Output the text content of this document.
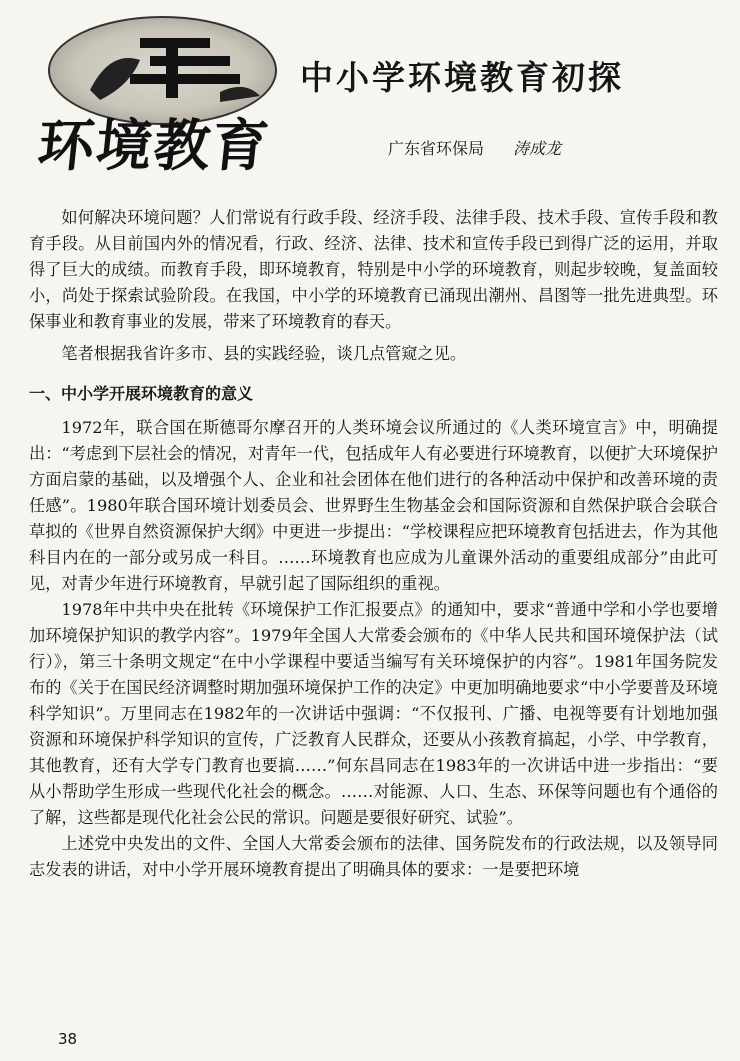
环境教育
中小学环境教育初探
广东省环保局 涛成龙

如何解决环境问题？人们常说有行政手段、经济手段、法律手段、技术手段、宣传手段和教育手段。从目前国内外的情况看，行政、经济、法律、技术和宣传手段已到得广泛的运用，并取得了巨大的成绩。而教育手段，即环境教育，特别是中小学的环境教育，则起步较晚，复盖面较小，尚处于探索试验阶段。在我国，中小学的环境教育已涌现出潮州、昌图等一批先进典型。环保事业和教育事业的发展，带来了环境教育的春天。

笔者根据我省许多市、县的实践经验，谈几点管窥之见。

一、中小学开展环境教育的意义

1972年，联合国在斯德哥尔摩召开的人类环境会议所通过的《人类环境宣言》中，明确提出：“考虑到下层社会的情况，对青年一代，包括成年人有必要进行环境教育，以便扩大环境保护方面启蒙的基础，以及增强个人、企业和社会团体在他们进行的各种活动中保护和改善环境的责任感”。1980年联合国环境计划委员会、世界野生生物基金会和国际资源和自然保护联合会联合草拟的《世界自然资源保护大纲》中更进一步提出：“学校课程应把环境教育包括进去，作为其他科目内在的一部分或另成一科目。……环境教育也应成为儿童课外活动的重要组成部分”由此可见，对青少年进行环境教育，早就引起了国际组织的重视。

1978年中共中央在批转《环境保护工作汇报要点》的通知中，要求“普通中学和小学也要增加环境保护知识的教学内容”。1979年全国人大常委会颁布的《中华人民共和国环境保护法（试行）》，第三十条明文规定“在中小学课程中要适当编写有关环境保护的内容”。1981年国务院发布的《关于在国民经济调整时期加强环境保护工作的决定》中更加明确地要求“中小学要普及环境科学知识”。万里同志在1982年的一次讲话中强调：“不仅报刊、广播、电视等要有计划地加强资源和环境保护科学知识的宣传，广泛教育人民群众，还要从小孩教育搞起，小学、中学教育，其他教育，还有大学专门教育也要搞……”何东昌同志在1983年的一次讲话中进一步指出：“要从小帮助学生形成一些现代化社会的概念。……对能源、人口、生态、环保等问题也有个通俗的了解，这些都是现代化社会公民的常识。问题是要很好研究、试验”。

上述党中央发出的文件、全国人大常委会颁布的法律、国务院发布的行政法规，以及领导同志发表的讲话，对中小学开展环境教育提出了明确具体的要求：一是要把环境

38
